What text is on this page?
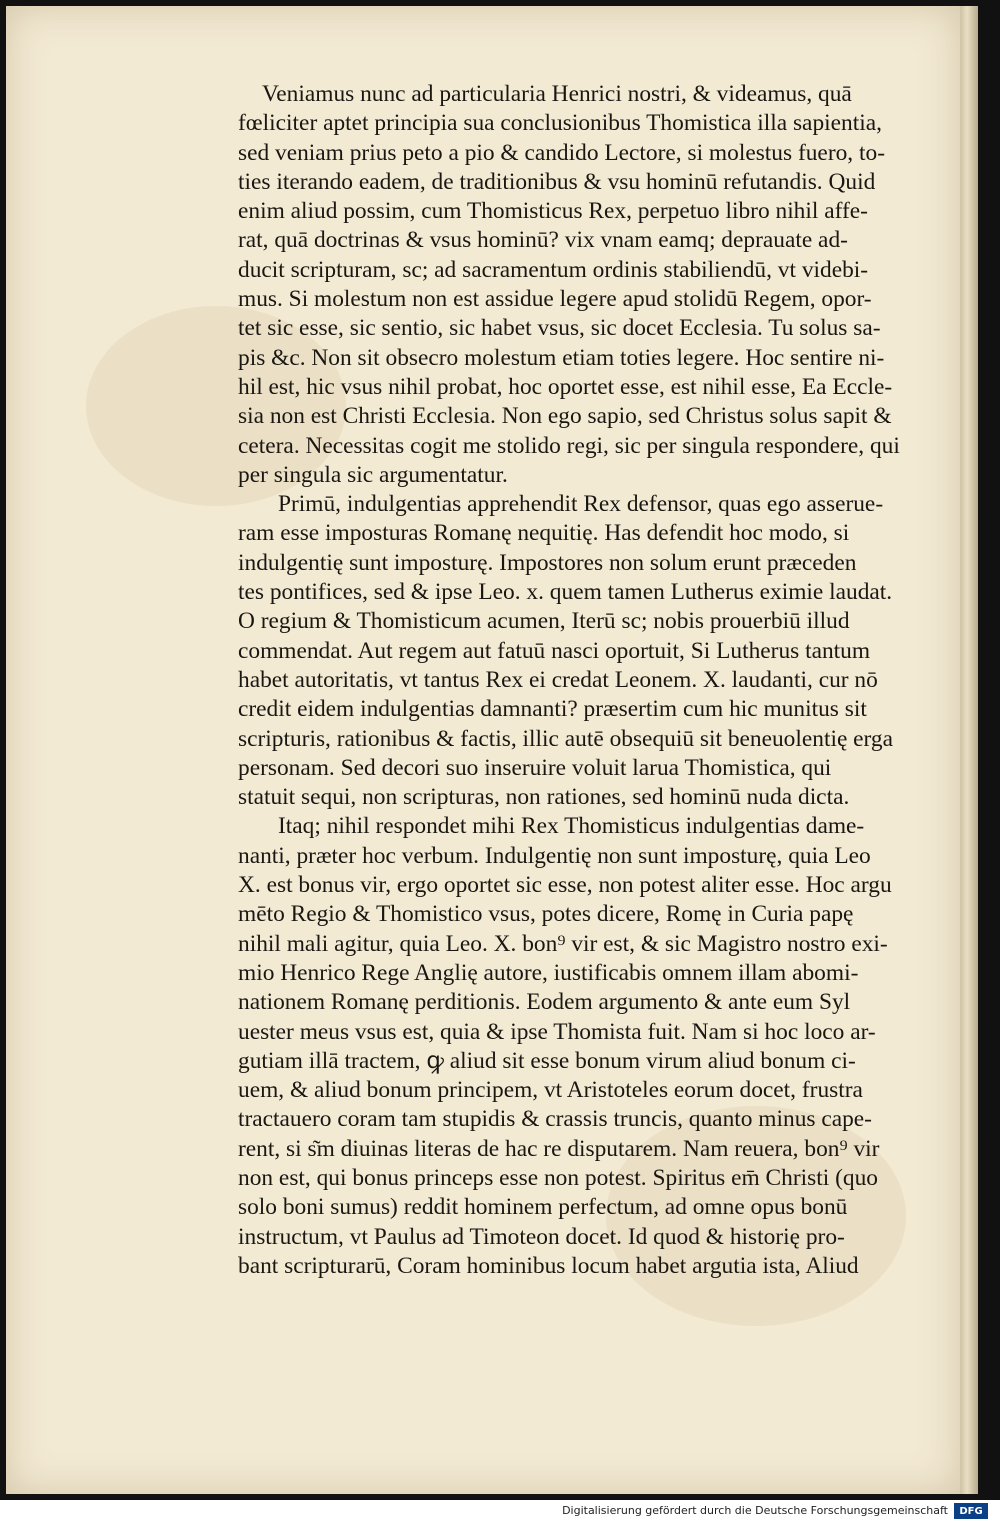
Veniamus nunc ad particularia Henrici nostri, & videamus, quā
fœliciter aptet principia sua conclusionibus Thomistica illa sapientia,
sed veniam prius peto a pio & candido Lectore, si molestus fuero, to-
ties iterando eadem, de traditionibus & vsu hominū refutandis. Quid
enim aliud possim, cum Thomisticus Rex, perpetuo libro nihil affe-
rat, quā doctrinas & vsus hominū? vix vnam eamq; deprauate ad-
ducit scripturam, sc; ad sacramentum ordinis stabiliendū, vt videbi-
mus. Si molestum non est assidue legere apud stolidū Regem, opor-
tet sic esse, sic sentio, sic habet vsus, sic docet Ecclesia. Tu solus sa-
pis &c. Non sit obsecro molestum etiam toties legere. Hoc sentire ni-
hil est, hic vsus nihil probat, hoc oportet esse, est nihil esse, Ea Eccle-
sia non est Christi Ecclesia. Non ego sapio, sed Christus solus sapit &
cetera. Necessitas cogit me stolido regi, sic per singula respondere, qui
per singula sic argumentatur.
Primū, indulgentias apprehendit Rex defensor, quas ego asserue-
ram esse imposturas Romanę nequitię. Has defendit hoc modo, si
indulgentię sunt imposturę. Impostores non solum erunt præceden
tes pontifices, sed & ipse Leo. x. quem tamen Lutherus eximie laudat.
O regium & Thomisticum acumen, Iterū sc; nobis prouerbiū illud
commendat. Aut regem aut fatuū nasci oportuit, Si Lutherus tantum
habet autoritatis, vt tantus Rex ei credat Leonem. X. laudanti, cur nō
credit eidem indulgentias damnanti? præsertim cum hic munitus sit
scripturis, rationibus & factis, illic autē obsequiū sit beneuolentię erga
personam. Sed decori suo inseruire voluit larua Thomistica, qui
statuit sequi, non scripturas, non rationes, sed hominū nuda dicta.
Itaq; nihil respondet mihi Rex Thomisticus indulgentias dame-
nanti, præter hoc verbum. Indulgentię non sunt imposturę, quia Leo
X. est bonus vir, ergo oportet sic esse, non potest aliter esse. Hoc argu
mēto Regio & Thomistico vsus, potes dicere, Romę in Curia papę
nihil mali agitur, quia Leo. X. bon⁹ vir est, & sic Magistro nostro exi-
mio Henrico Rege Anglię autore, iustificabis omnem illam abomi-
nationem Romanę perditionis. Eodem argumento & ante eum Syl
uester meus vsus est, quia & ipse Thomista fuit. Nam si hoc loco ar-
gutiam illā tractem, ꝙ aliud sit esse bonum virum aliud bonum ci-
uem, & aliud bonum principem, vt Aristoteles eorum docet, frustra
tractauero coram tam stupidis & crassis truncis, quanto minus cape-
rent, si s͂m diuinas literas de hac re disputarem. Nam reuera, bon⁹ vir
non est, qui bonus princeps esse non potest. Spiritus em̄ Christi (quo
solo boni sumus) reddit hominem perfectum, ad omne opus bonū
instructum, vt Paulus ad Timoteon docet. Id quod & historię pro-
bant scripturarū, Coram hominibus locum habet argutia ista, Aliud
Digitalisierung gefördert durch die Deutsche Forschungsgemeinschaft	DFG
